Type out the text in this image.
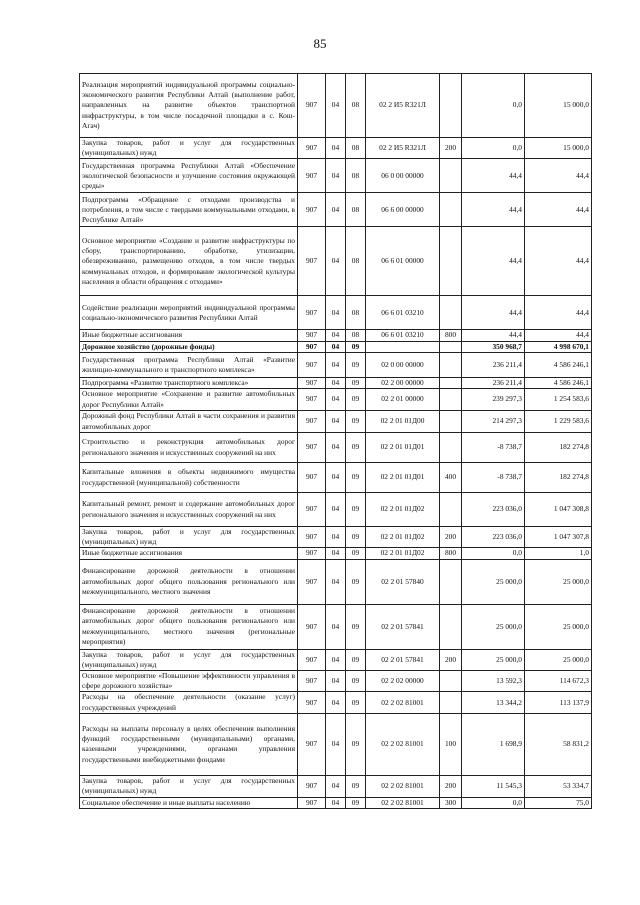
85
Реализация мероприятий индивидуальной программы социально-экономического развития Республики Алтай (выполнение работ, направленных на развитие объектов транспортной инфраструктуры, в том числе посадочной площадки в с. Кош-Агач)	907	04	08	02 2 И5 R321Л		0,0	15 000,0
Закупка товаров, работ и услуг для государственных (муниципальных) нужд	907	04	08	02 2 И5 R321Л	200	0,0	15 000,0
Государственная программа Республики Алтай «Обеспечение экологической безопасности и улучшение состояния окружающей среды»	907	04	08	06 0 00 00000		44,4	44,4
Подпрограмма «Обращение с отходами производства и потребления, в том числе с твердыми коммунальными отходами, в Республике Алтай»	907	04	08	06 6 00 00000		44,4	44,4
Основное мероприятие «Создание и развитие инфраструктуры по сбору, транспортированию, обработке, утилизации, обезвреживанию, размещению отходов, в том числе твердых коммунальных отходов, и формирование экологической культуры населения в области обращения с отходами»	907	04	08	06 6 01 00000		44,4	44,4
Содействие реализации мероприятий индивидуальной программы социально-экономического развития Республики Алтай	907	04	08	06 6 01 03210		44,4	44,4
Иные бюджетные ассигнования	907	04	08	06 6 01 03210	800	44,4	44,4
Дорожное хозяйство (дорожные фонды)	907	04	09			350 968,7	4 998 670,1
Государственная программа Республики Алтай «Развитие жилищно-коммунального и транспортного комплекса»	907	04	09	02 0 00 00000		236 211,4	4 586 246,1
Подпрограмма «Развитие транспортного комплекса»	907	04	09	02 2 00 00000		236 211,4	4 586 246,1
Основное мероприятие «Сохранение и развитие автомобильных дорог Республики Алтай»	907	04	09	02 2 01 00000		239 297,3	1 254 583,6
Дорожный фонд Республики Алтай в части сохранения и развития автомобильных дорог	907	04	09	02 2 01 01Д00		214 297,3	1 229 583,6
Строительство и реконструкция автомобильных дорог регионального значения и искусственных сооружений на них	907	04	09	02 2 01 01Д01		-8 738,7	182 274,8
Капитальные вложения в объекты недвижимого имущества государственной (муниципальной) собственности	907	04	09	02 2 01 01Д01	400	-8 738,7	182 274,8
Капитальный ремонт, ремонт и содержание автомобильных дорог регионального значения и искусственных сооружений на них	907	04	09	02 2 01 01Д02		223 036,0	1 047 308,8
Закупка товаров, работ и услуг для государственных (муниципальных) нужд	907	04	09	02 2 01 01Д02	200	223 036,0	1 047 307,8
Иные бюджетные ассигнования	907	04	09	02 2 01 01Д02	800	0,0	1,0
Финансирование дорожной деятельности в отношении автомобильных дорог общего пользования регионального или межмуниципального, местного значения	907	04	09	02 2 01 57840		25 000,0	25 000,0
Финансирование дорожной деятельности в отношении автомобильных дорог общего пользования регионального или межмуниципального, местного значения (региональные мероприятия)	907	04	09	02 2 01 57841		25 000,0	25 000,0
Закупка товаров, работ и услуг для государственных (муниципальных) нужд	907	04	09	02 2 01 57841	200	25 000,0	25 000,0
Основное мероприятие «Повышение эффективности управления в сфере дорожного хозяйства»	907	04	09	02 2 02 00000		13 592,3	114 672,3
Расходы на обеспечение деятельности (оказание услуг) государственных учреждений	907	04	09	02 2 02 81001		13 344,2	113 137,9
Расходы на выплаты персоналу в целях обеспечения выполнения функций государственными (муниципальными) органами, казенными учреждениями, органами управления государственными внебюджетными фондами	907	04	09	02 2 02 81001	100	1 698,9	58 831,2
Закупка товаров, работ и услуг для государственных (муниципальных) нужд	907	04	09	02 2 02 81001	200	11 545,3	53 334,7
Социальное обеспечение и иные выплаты населению	907	04	09	02 2 02 81001	300	0,0	75,0
